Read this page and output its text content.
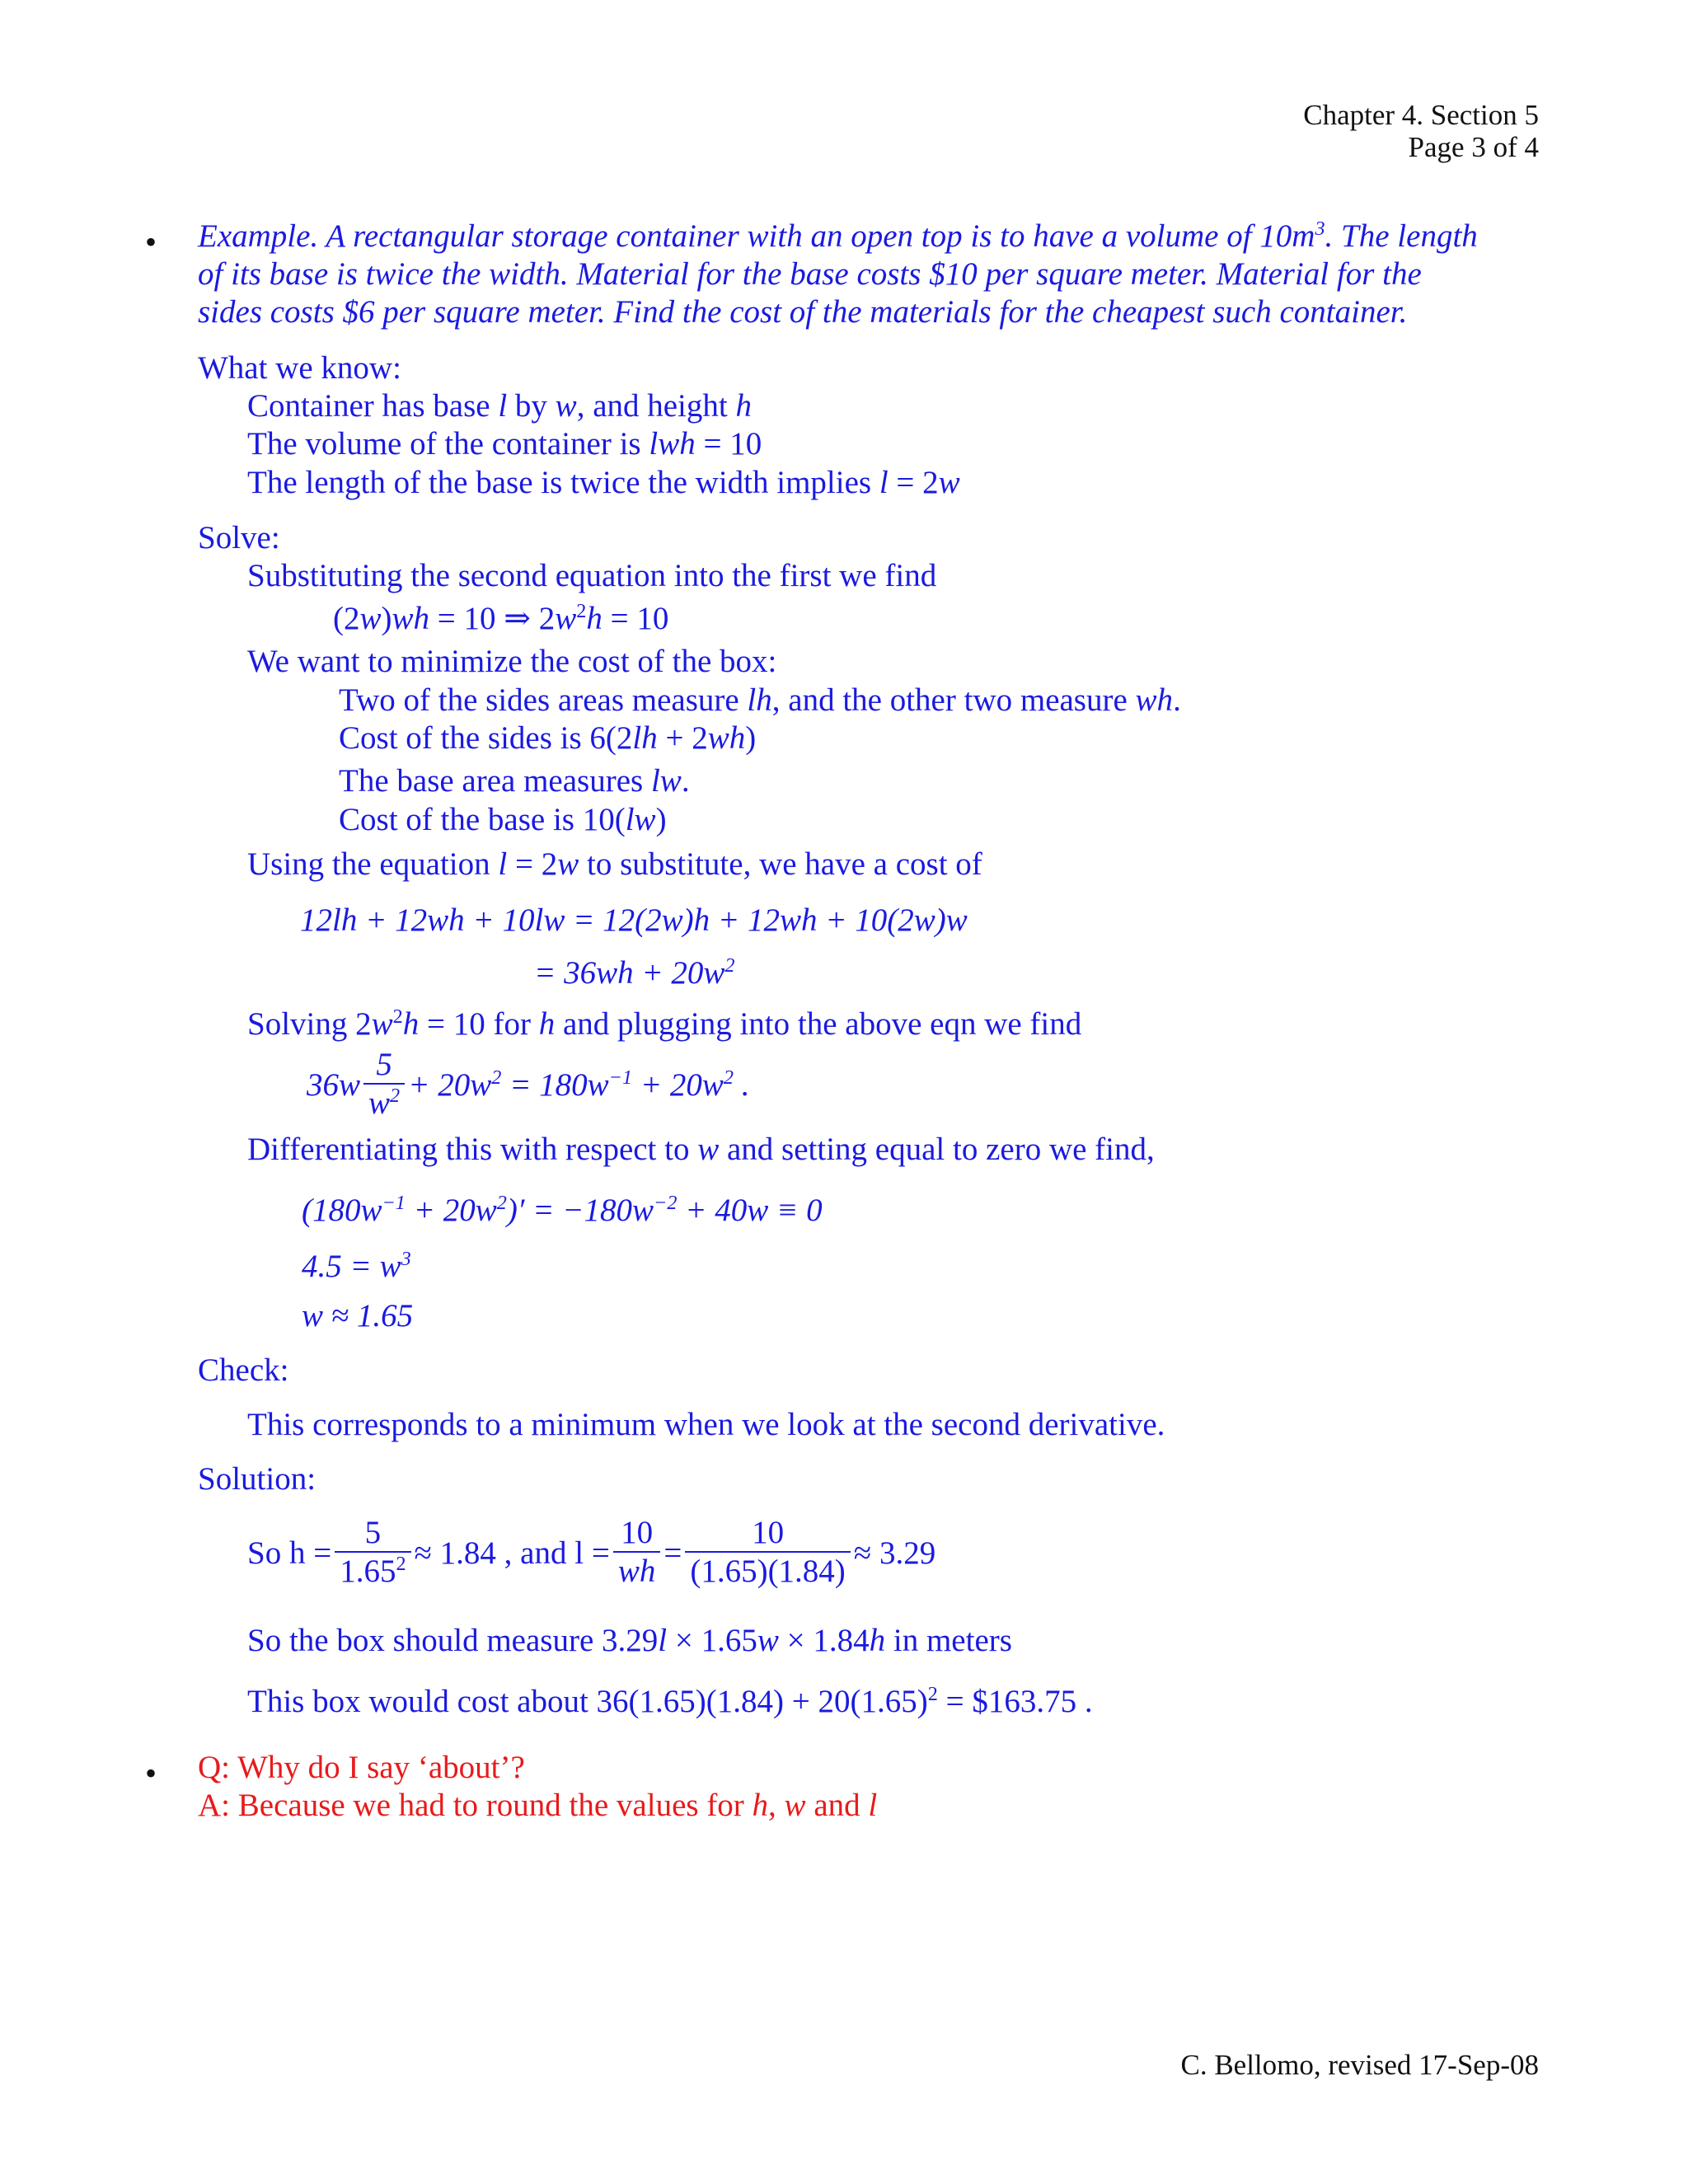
Chapter 4. Section 5
Page 3 of 4
• Example. A rectangular storage container with an open top is to have a volume of $10m^3$. The length
of its base is twice the width. Material for the base costs $10 per square meter. Material for the
sides costs $6 per square meter. Find the cost of the materials for the cheapest such container.
What we know:
Container has base l by w, and height h
The volume of the container is lwh = 10
The length of the base is twice the width implies l = 2w
Solve:
Substituting the second equation into the first we find
(2w)wh = 10 ⇒ $2w^2h = 10$
We want to minimize the cost of the box:
Two of the sides areas measure lh, and the other two measure wh.
Cost of the sides is 6(2lh + 2wh)
The base area measures lw.
Cost of the base is 10(lw)
Using the equation l = 2w to substitute, we have a cost of
12lh + 12wh + 10lw = 12(2w)h + 12wh + 10(2w)w
= $36wh + 20w^2$
Solving $2w^2h = 10$ for h and plugging into the above eqn we find
$36w \frac{5}{w^2} + 20w^2 = 180w^{-1} + 20w^2$ .
Differentiating this with respect to w and setting equal to zero we find,
$(180w^{-1} + 20w^2)' = -180w^{-2} + 40w \equiv 0$
$4.5 = w^3$
w ≈ 1.65
Check:
This corresponds to a minimum when we look at the second derivative.
Solution:
So $h = \frac{5}{1.65^2} \approx 1.84$ , and $l = \frac{10}{wh} = \frac{10}{(1.65)(1.84)} \approx 3.29$
So the box should measure 3.29l × 1.65w × 1.84h in meters
This box would cost about $36(1.65)(1.84) + 20(1.65)^2$ = $163.75 .
• Q: Why do I say ‘about’?
A: Because we had to round the values for h, w and l
C. Bellomo, revised 17-Sep-08
